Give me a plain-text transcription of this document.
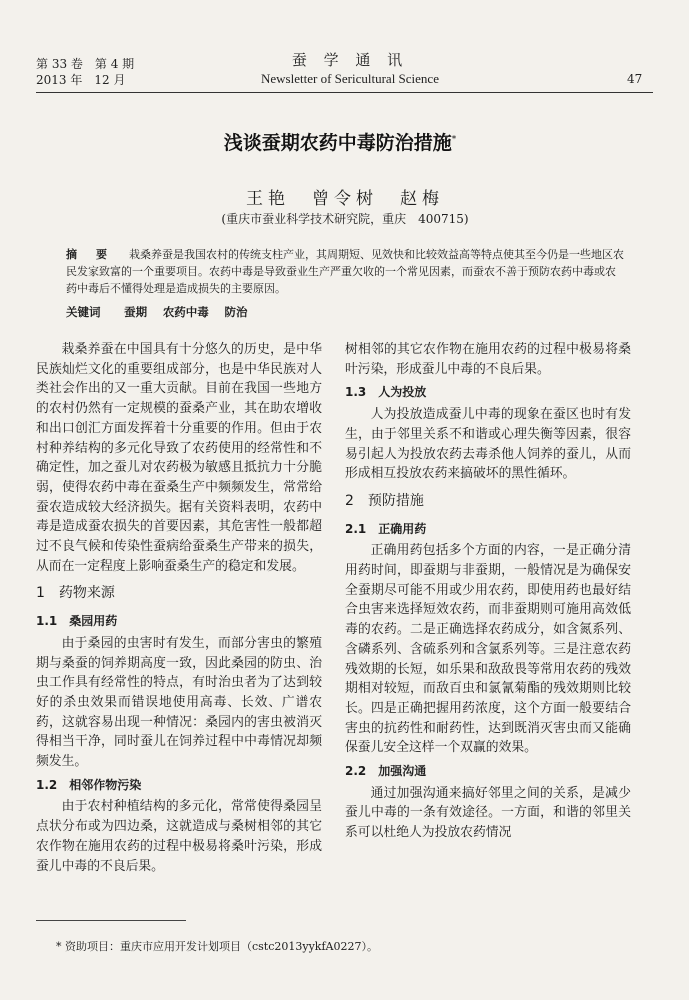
第 33 卷　第 4 期
2013 年　12 月
蚕 学 通 讯
Newsletter of Sericultural Science	47
浅谈蚕期农药中毒防治措施*
王艳　曾令树　赵梅
(重庆市蚕业科学技术研究院，重庆　400715)
摘　要 栽桑养蚕是我国农村的传统支柱产业，其周期短、见效快和比较效益高等特点使其至今仍是一些地区农民发家致富的一个重要项目。农药中毒是导致蚕业生产严重欠收的一个常见因素，而蚕农不善于预防农药中毒或农药中毒后不懂得处理是造成损失的主要原因。
关键词 蚕期 农药中毒 防治

栽桑养蚕在中国具有十分悠久的历史，是中华民族灿烂文化的重要组成部分，也是中华民族对人类社会作出的又一重大贡献。目前在我国一些地方的农村仍然有一定规模的蚕桑产业，其在助农增收和出口创汇方面发挥着十分重要的作用。但由于农村种养结构的多元化导致了农药使用的经常性和不确定性，加之蚕儿对农药极为敏感且抵抗力十分脆弱，使得农药中毒在蚕桑生产中频频发生，常常给蚕农造成较大经济损失。据有关资料表明，农药中毒是造成蚕农损失的首要因素，其危害性一般都超过不良气候和传染性蚕病给蚕桑生产带来的损失，从而在一定程度上影响蚕桑生产的稳定和发展。

1　药物来源
1.1　桑园用药

由于桑园的虫害时有发生，而部分害虫的繁殖期与桑蚕的饲养期高度一致，因此桑园的防虫、治虫工作具有经常性的特点，有时治虫者为了达到较好的杀虫效果而错误地使用高毒、长效、广谱农药，这就容易出现一种情况：桑园内的害虫被消灭得相当干净，同时蚕儿在饲养过程中中毒情况却频频发生。

1.2　相邻作物污染

由于农村种植结构的多元化，常常使得桑园呈点状分布或为四边桑，这就造成与桑树相邻的其它农作物在施用农药的过程中极易将桑叶污染，形成蚕儿中毒的不良后果。

树相邻的其它农作物在施用农药的过程中极易将桑叶污染，形成蚕儿中毒的不良后果。

1.3　人为投放

人为投放造成蚕儿中毒的现象在蚕区也时有发生，由于邻里关系不和谐或心理失衡等因素，很容易引起人为投放农药去毒杀他人饲养的蚕儿，从而形成相互投放农药来搞破坏的黑性循环。

2　预防措施
2.1　正确用药

正确用药包括多个方面的内容，一是正确分清用药时间，即蚕期与非蚕期，一般情况是为确保安全蚕期尽可能不用或少用农药，即使用药也最好结合虫害来选择短效农药，而非蚕期则可施用高效低毒的农药。二是正确选择农药成分，如含氮系列、含磷系列、含硫系列和含氯系列等。三是注意农药残效期的长短，如乐果和敌敌畏等常用农药的残效期相对较短，而敌百虫和氯氰菊酯的残效期则比较长。四是正确把握用药浓度，这个方面一般要结合害虫的抗药性和耐药性，达到既消灭害虫而又能确保蚕儿安全这样一个双赢的效果。

2.2　加强沟通

通过加强沟通来搞好邻里之间的关系，是减少蚕儿中毒的一条有效途径。一方面，和谐的邻里关系可以杜绝人为投放农药情况

* 资助项目：重庆市应用开发计划项目（cstc2013yykfA0227）。
